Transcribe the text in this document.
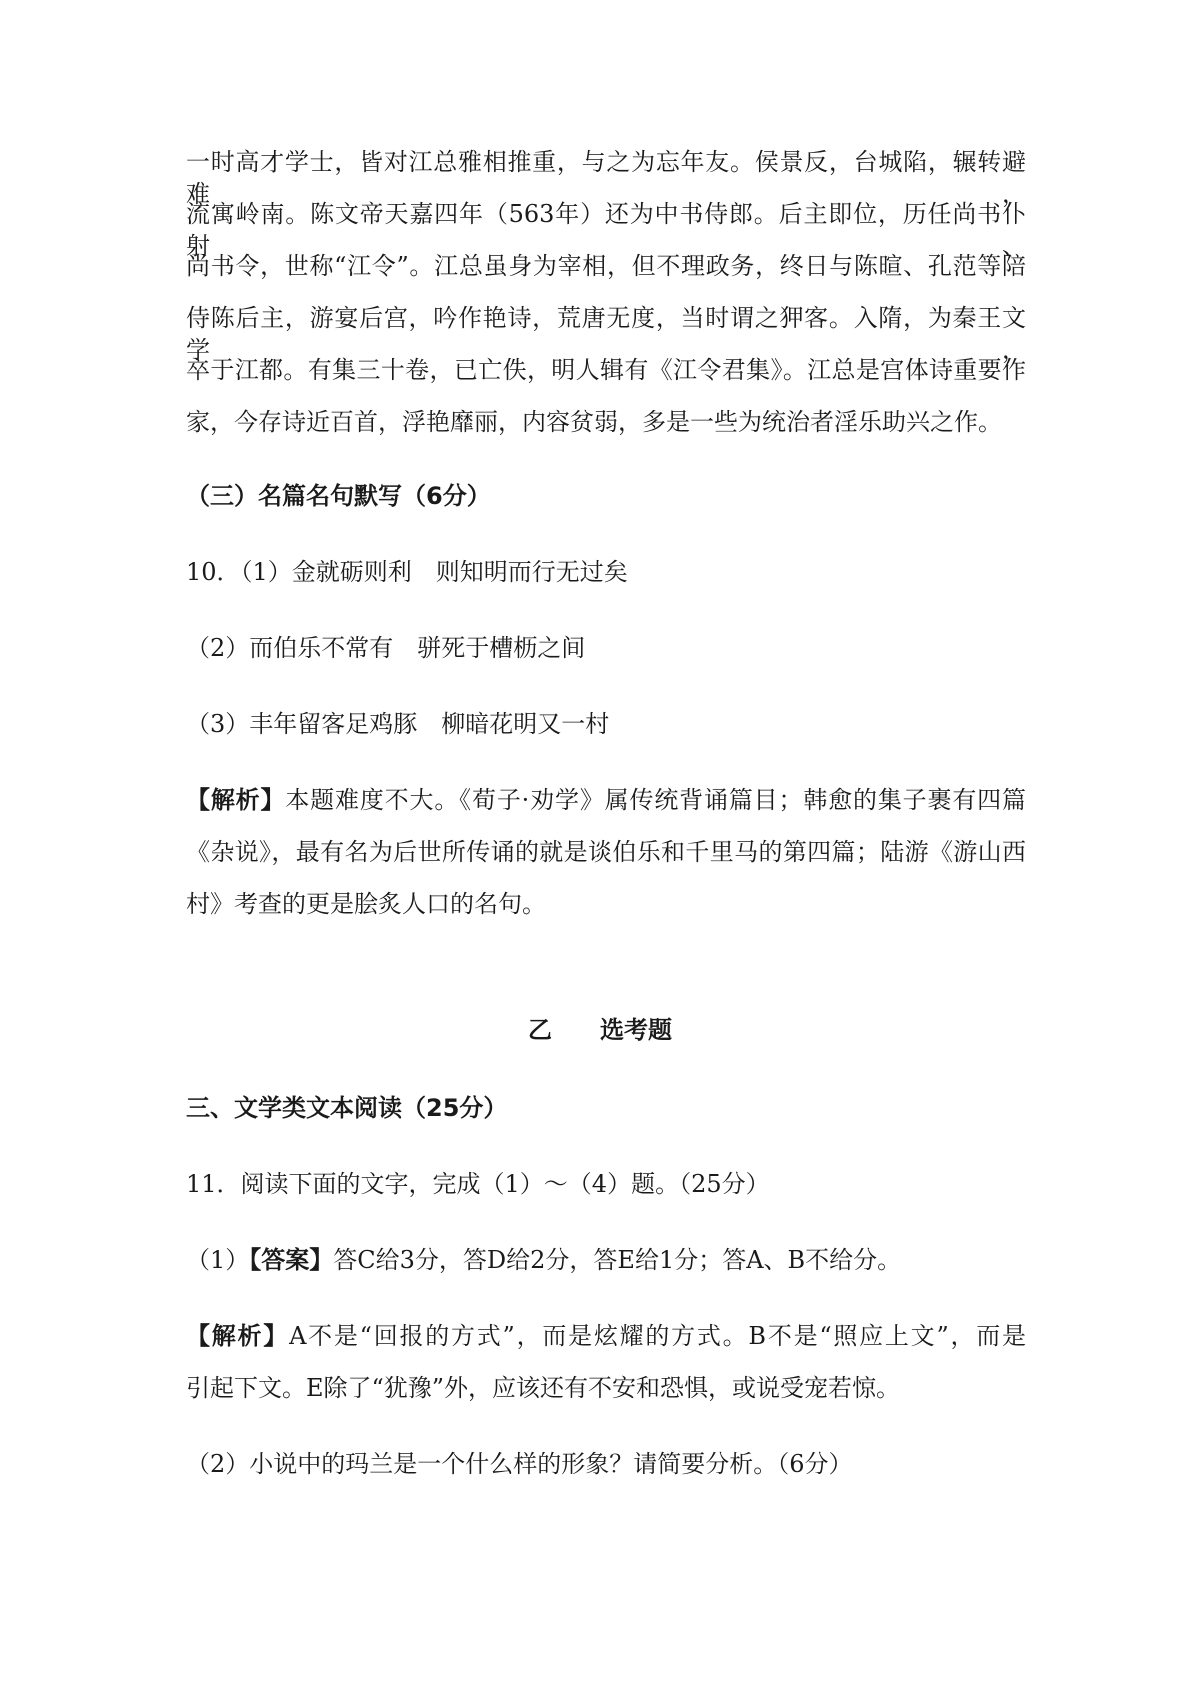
一时高才学士，皆对江总雅相推重，与之为忘年友。侯景反，台城陷，辗转避难，
流寓岭南。陈文帝天嘉四年（563年）还为中书侍郎。后主即位，历任尚书仆射、
尚书令，世称“江令”。江总虽身为宰相，但不理政务，终日与陈暄、孔范等陪
侍陈后主，游宴后宫，吟作艳诗，荒唐无度，当时谓之狎客。入隋，为秦王文学，
卒于江都。有集三十卷，已亡佚，明人辑有《江令君集》。江总是宫体诗重要作
家，今存诗近百首，浮艳靡丽，内容贫弱，多是一些为统治者淫乐助兴之作。
（三）名篇名句默写（6分）
10．（1）金就砺则利　则知明而行无过矣
（2）而伯乐不常有　骈死于槽枥之间
（3）丰年留客足鸡豚　柳暗花明又一村
【解析】本题难度不大。《荀子·劝学》属传统背诵篇目；韩愈的集子裹有四篇
《杂说》，最有名为后世所传诵的就是谈伯乐和千里马的第四篇；陆游《游山西
村》考查的更是脍炙人口的名句。
乙　　选考题
三、文学类文本阅读（25分）
11．阅读下面的文字，完成（1）～（4）题。（25分）
（1）【答案】答C给3分，答D给2分，答E给1分；答A、B不给分。
【解析】A不是“回报的方式”，而是炫耀的方式。B不是“照应上文”，而是
引起下文。E除了“犹豫”外，应该还有不安和恐惧，或说受宠若惊。
（2）小说中的玛兰是一个什么样的形象？请简要分析。（6分）
